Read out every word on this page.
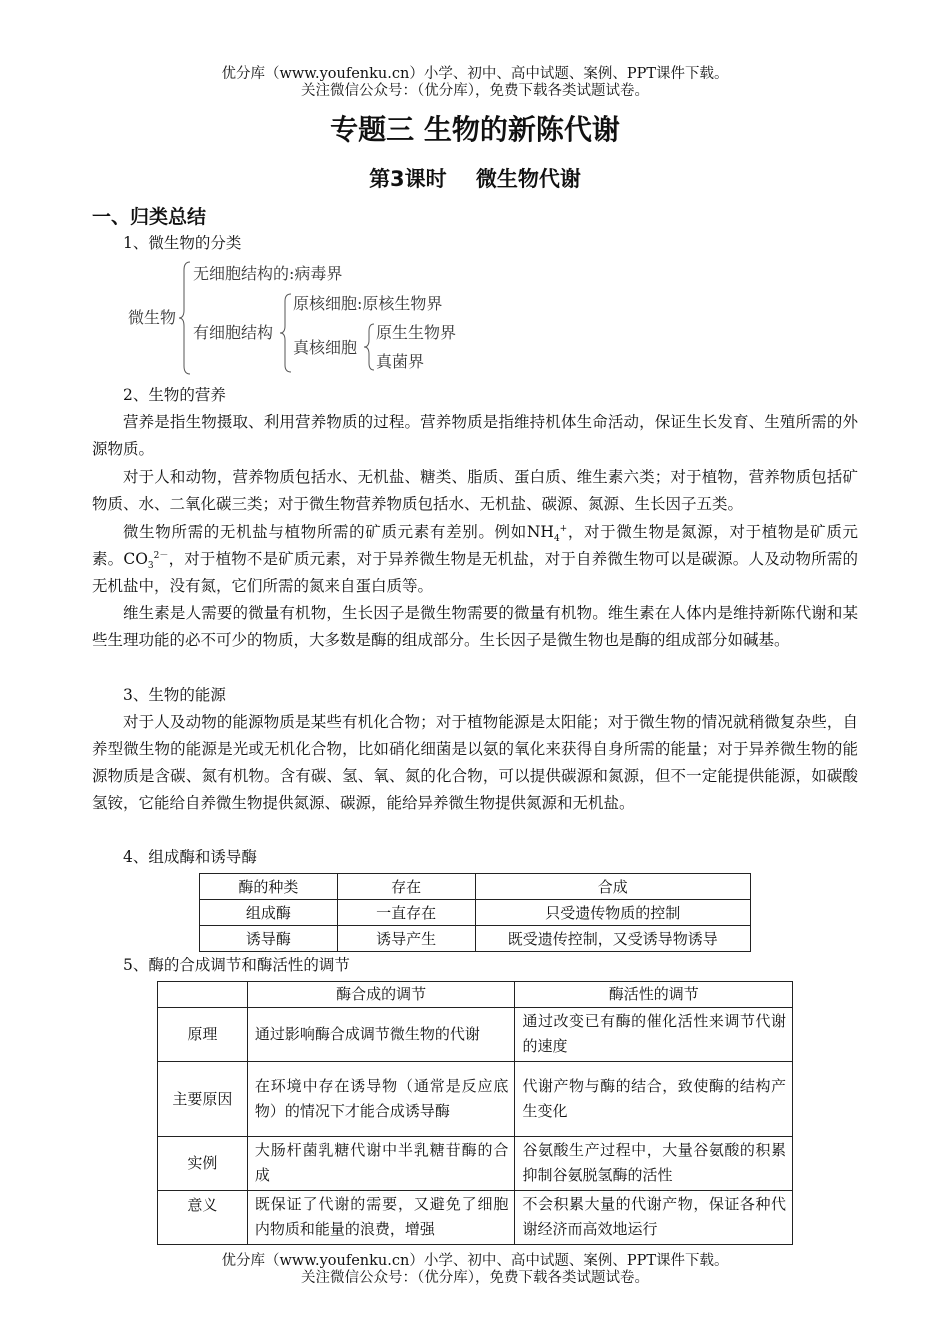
优分库（www.youfenku.cn）小学、初中、高中试题、案例、PPT课件下载。
关注微信公众号：（优分库），免费下载各类试题试卷。
专题三 生物的新陈代谢
第3课时    微生物代谢
一、归类总结
1、微生物的分类
微生物
无细胞结构的:病毒界
有细胞结构
原核细胞:原核生物界
真核细胞
原生生物界
真菌界
2、生物的营养

营养是指生物摄取、利用营养物质的过程。营养物质是指维持机体生命活动，保证生长发育、生殖所需的外源物质。

对于人和动物，营养物质包括水、无机盐、糖类、脂质、蛋白质、维生素六类；对于植物，营养物质包括矿物质、水、二氧化碳三类；对于微生物营养物质包括水、无机盐、碳源、氮源、生长因子五类。

微生物所需的无机盐与植物所需的矿质元素有差别。例如$NH_4^+$，对于微生物是氮源，对于植物是矿质元素。$CO_3^{2-}$，对于植物不是矿质元素，对于异养微生物是无机盐，对于自养微生物可以是碳源。人及动物所需的无机盐中，没有氮，它们所需的氮来自蛋白质等。

维生素是人需要的微量有机物，生长因子是微生物需要的微量有机物。维生素在人体内是维持新陈代谢和某些生理功能的必不可少的物质，大多数是酶的组成部分。生长因子是微生物也是酶的组成部分如碱基。

3、生物的能源

对于人及动物的能源物质是某些有机化合物；对于植物能源是太阳能；对于微生物的情况就稍微复杂些，自养型微生物的能源是光或无机化合物，比如硝化细菌是以氨的氧化来获得自身所需的能量；对于异养微生物的能源物质是含碳、氮有机物。含有碳、氢、氧、氮的化合物，可以提供碳源和氮源，但不一定能提供能源，如碳酸氢铵，它能给自养微生物提供氮源、碳源，能给异养微生物提供氮源和无机盐。

4、组成酶和诱导酶
酶的种类	存在	合成
组成酶	一直存在	只受遗传物质的控制
诱导酶	诱导产生	既受遗传控制，又受诱导物诱导
5、酶的合成调节和酶活性的调节
	酶合成的调节	酶活性的调节
原理	通过影响酶合成调节微生物的代谢	通过改变已有酶的催化活性来调节代谢的速度
主要原因	在环境中存在诱导物（通常是反应底物）的情况下才能合成诱导酶	代谢产物与酶的结合，致使酶的结构产生变化
实例	大肠杆菌乳糖代谢中半乳糖苷酶的合成	谷氨酸生产过程中，大量谷氨酸的积累抑制谷氨脱氢酶的活性
意义	既保证了代谢的需要，又避免了细胞内物质和能量的浪费，增强	不会积累大量的代谢产物，保证各种代谢经济而高效地运行
优分库（www.youfenku.cn）小学、初中、高中试题、案例、PPT课件下载。
关注微信公众号：（优分库），免费下载各类试题试卷。
